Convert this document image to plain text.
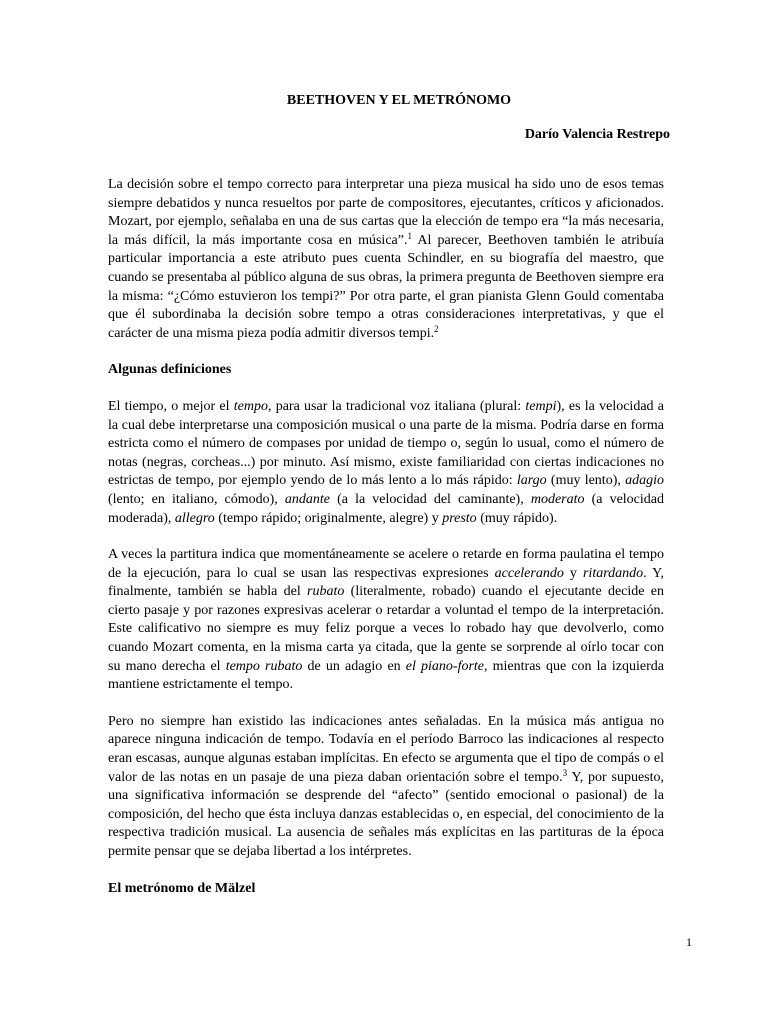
BEETHOVEN Y EL METRÓNOMO
Darío Valencia Restrepo

La decisión sobre el tempo correcto para interpretar una pieza musical ha sido uno de esos temas siempre debatidos y nunca resueltos por parte de compositores, ejecutantes, críticos y aficionados. Mozart, por ejemplo, señalaba en una de sus cartas que la elección de tempo era “la más necesaria, la más difícil, la más importante cosa en música”.$^1$ Al parecer, Beethoven también le atribuía particular importancia a este atributo pues cuenta Schindler, en su biografía del maestro, que cuando se presentaba al público alguna de sus obras, la primera pregunta de Beethoven siempre era la misma: “¿Cómo estuvieron los tempi?” Por otra parte, el gran pianista Glenn Gould comentaba que él subordinaba la decisión sobre tempo a otras consideraciones interpretativas, y que el carácter de una misma pieza podía admitir diversos tempi.$^2$

Algunas definiciones

El tiempo, o mejor el tempo, para usar la tradicional voz italiana (plural: tempi), es la velocidad a la cual debe interpretarse una composición musical o una parte de la misma. Podría darse en forma estricta como el número de compases por unidad de tiempo o, según lo usual, como el número de notas (negras, corcheas...) por minuto. Así mismo, existe familiaridad con ciertas indicaciones no estrictas de tempo, por ejemplo yendo de lo más lento a lo más rápido: largo (muy lento), adagio (lento; en italiano, cómodo), andante (a la velocidad del caminante), moderato (a velocidad moderada), allegro (tempo rápido; originalmente, alegre) y presto (muy rápido).

A veces la partitura indica que momentáneamente se acelere o retarde en forma paulatina el tempo de la ejecución, para lo cual se usan las respectivas expresiones accelerando y ritardando. Y, finalmente, también se habla del rubato (literalmente, robado) cuando el ejecutante decide en cierto pasaje y por razones expresivas acelerar o retardar a voluntad el tempo de la interpretación. Este calificativo no siempre es muy feliz porque a veces lo robado hay que devolverlo, como cuando Mozart comenta, en la misma carta ya citada, que la gente se sorprende al oírlo tocar con su mano derecha el tempo rubato de un adagio en el piano-forte, mientras que con la izquierda mantiene estrictamente el tempo.

Pero no siempre han existido las indicaciones antes señaladas. En la música más antigua no aparece ninguna indicación de tempo. Todavía en el período Barroco las indicaciones al respecto eran escasas, aunque algunas estaban implícitas. En efecto se argumenta que el tipo de compás o el valor de las notas en un pasaje de una pieza daban orientación sobre el tempo.$^3$ Y, por supuesto, una significativa información se desprende del “afecto” (sentido emocional o pasional) de la composición, del hecho que ésta incluya danzas establecidas o, en especial, del conocimiento de la respectiva tradición musical. La ausencia de señales más explícitas en las partituras de la época permite pensar que se dejaba libertad a los intérpretes.

El metrónomo de Mälzel
1
